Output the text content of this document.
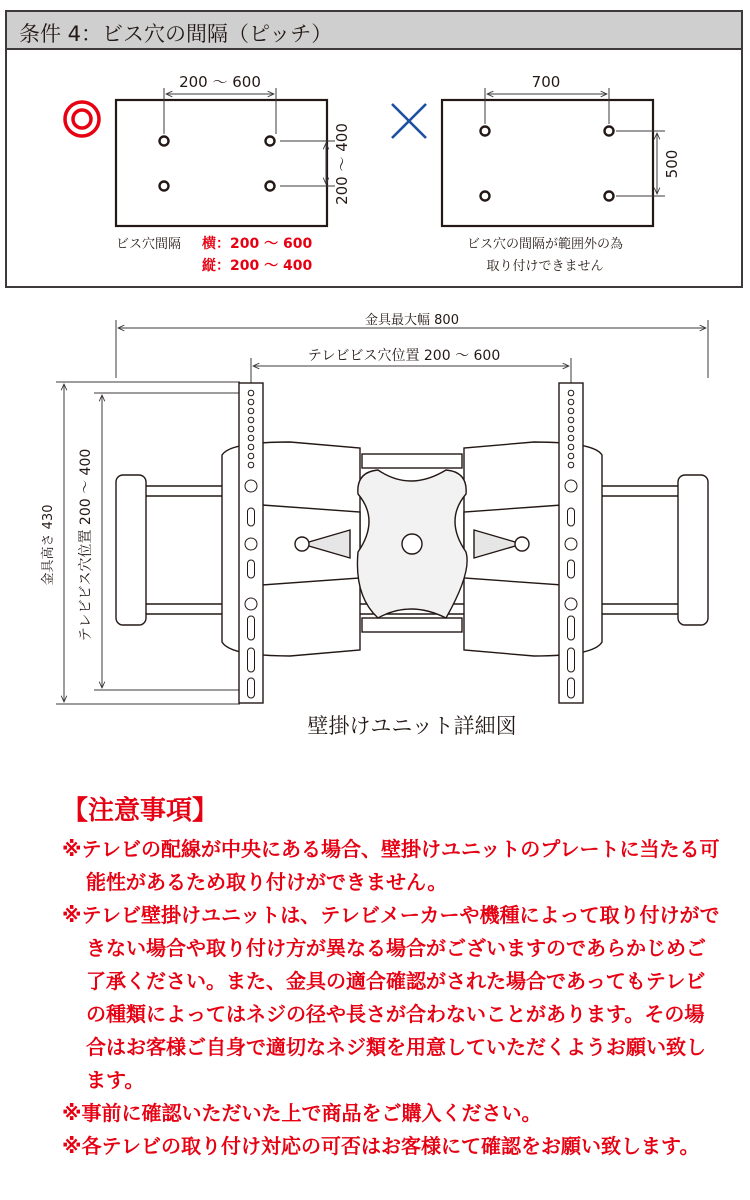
条件 4：ビス穴の間隔（ピッチ）
200 ～ 600
200 ～ 400
ビス穴間隔 横：200 ～ 600
縦：200 ～ 400
700
500
ビス穴の間隔が範囲外の為
取り付けできません
金具最大幅 800
テレビビス穴位置 200 ～ 600
金具高さ 430 テレビビス穴位置 200 ～ 400
壁掛けユニット詳細図
【注意事項】
※テレビの配線が中央にある場合、壁掛けユニットのプレートに当たる可能性があるため取り付けができません。
※テレビ壁掛けユニットは、テレビメーカーや機種によって取り付けができない場合や取り付け方が異なる場合がございますのであらかじめご了承ください。また、金具の適合確認がされた場合であってもテレビの種類によってはネジの径や長さが合わないことがあります。その場合はお客様ご自身で適切なネジ類を用意していただくようお願い致します。
※事前に確認いただいた上で商品をご購入ください。
※各テレビの取り付け対応の可否はお客様にて確認をお願い致します。
